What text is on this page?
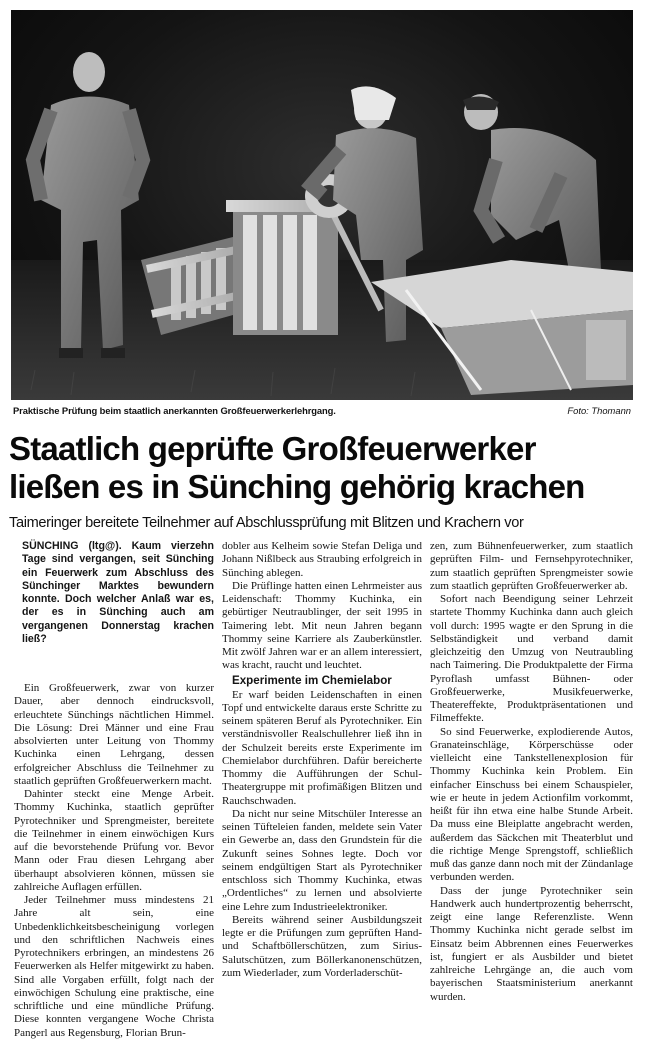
Praktische Prüfung beim staatlich anerkannten Großfeuerwerkerlehrgang.	Foto: Thomann
Staatlich geprüfte Großfeuerwerker
ließen es in Sünching gehörig krachen
Taimeringer bereitete Teilnehmer auf Abschlussprüfung mit Blitzen und Krachern vor

SÜNCHING (ltg@). Kaum vierzehn Tage sind vergangen, seit Sünching ein Feuerwerk zum Abschluss des Sünchinger Marktes bewundern konnte. Doch welcher Anlaß war es, der es in Sünching auch am vergangenen Donnerstag krachen ließ?

Ein Großfeuerwerk, zwar von kurzer Dauer, aber dennoch eindrucksvoll, erleuchtete Sünchings nächtlichen Himmel. Die Lösung: Drei Männer und eine Frau absolvierten unter Leitung von Thommy Kuchinka einen Lehrgang, dessen erfolgreicher Abschluss die Teilnehmer zu staatlich geprüften Großfeuerwerkern macht.

Dahinter steckt eine Menge Arbeit. Thommy Kuchinka, staatlich geprüfter Pyrotechniker und Sprengmeister, bereitete die Teilnehmer in einem einwöchigen Kurs auf die bevorstehende Prüfung vor. Bevor Mann oder Frau diesen Lehrgang aber überhaupt absolvieren können, müssen sie zahlreiche Auflagen erfüllen.

Jeder Teilnehmer muss mindestens 21 Jahre alt sein, eine Unbedenklichkeitsbescheinigung vorlegen und den schriftlichen Nachweis eines Pyrotechnikers erbringen, an mindestens 26 Feuerwerken als Helfer mitgewirkt zu haben. Sind alle Vorgaben erfüllt, folgt nach der einwöchigen Schulung eine praktische, eine schriftliche und eine mündliche Prüfung. Diese konnten vergangene Woche Christa Pangerl aus Regensburg, Florian Brun-

dobler aus Kelheim sowie Stefan Deliga und Johann Nißlbeck aus Straubing erfolgreich in Sünching ablegen.

Die Prüflinge hatten einen Lehrmeister aus Leidenschaft: Thommy Kuchinka, ein gebürtiger Neutraublinger, der seit 1995 in Taimering lebt. Mit neun Jahren begann Thommy seine Karriere als Zauberkünstler. Mit zwölf Jahren war er an allem interessiert, was kracht, raucht und leuchtet.

Experimente im Chemielabor

Er warf beiden Leidenschaften in einen Topf und entwickelte daraus erste Schritte zu seinem späteren Beruf als Pyrotechniker. Ein verständnisvoller Realschullehrer ließ ihn in der Schulzeit bereits erste Experimente im Chemielabor durchführen. Dafür bereicherte Thommy die Aufführungen der Schul-Theatergruppe mit profimäßigen Blitzen und Rauchschwaden.

Da nicht nur seine Mitschüler Interesse an seinen Tüfteleien fanden, meldete sein Vater ein Gewerbe an, dass den Grundstein für die Zukunft seines Sohnes legte. Doch vor seinem endgültigen Start als Pyrotechniker entschloss sich Thommy Kuchinka, etwas „Ordentliches“ zu lernen und absolvierte eine Lehre zum Industrieelektroniker.

Bereits während seiner Ausbildungszeit legte er die Prüfungen zum geprüften Hand- und Schaftböllerschützen, zum Sirius-Salutschützen, zum Böllerkanonenschützen, zum Wiederlader, zum Vorderladerschüt-

zen, zum Bühnenfeuerwerker, zum staatlich geprüften Film- und Fernsehpyrotechniker, zum staatlich geprüften Sprengmeister sowie zum staatlich geprüften Großfeuerwerker ab.

Sofort nach Beendigung seiner Lehrzeit startete Thommy Kuchinka dann auch gleich voll durch: 1995 wagte er den Sprung in die Selbständigkeit und verband damit gleichzeitig den Umzug von Neutraubling nach Taimering. Die Produktpalette der Firma Pyroflash umfasst Bühnen- oder Großfeuerwerke, Musikfeuerwerke, Theatereffekte, Produktpräsentationen und Filmeffekte.

So sind Feuerwerke, explodierende Autos, Granateinschläge, Körperschüsse oder vielleicht eine Tankstellenexplosion für Thommy Kuchinka kein Problem. Ein einfacher Einschuss bei einem Schauspieler, wie er heute in jedem Actionfilm vorkommt, heißt für ihn etwa eine halbe Stunde Arbeit. Da muss eine Bleiplatte angebracht werden, außerdem das Säckchen mit Theaterblut und die richtige Menge Sprengstoff, schließlich muß das ganze dann noch mit der Zündanlage verbunden werden.

Dass der junge Pyrotechniker sein Handwerk auch hundertprozentig beherrscht, zeigt eine lange Referenzliste. Wenn Thommy Kuchinka nicht gerade selbst im Einsatz beim Abbrennen eines Feuerwerkes ist, fungiert er als Ausbilder und bietet zahlreiche Lehrgänge an, die auch vom bayerischen Staatsministerium anerkannt wurden.
